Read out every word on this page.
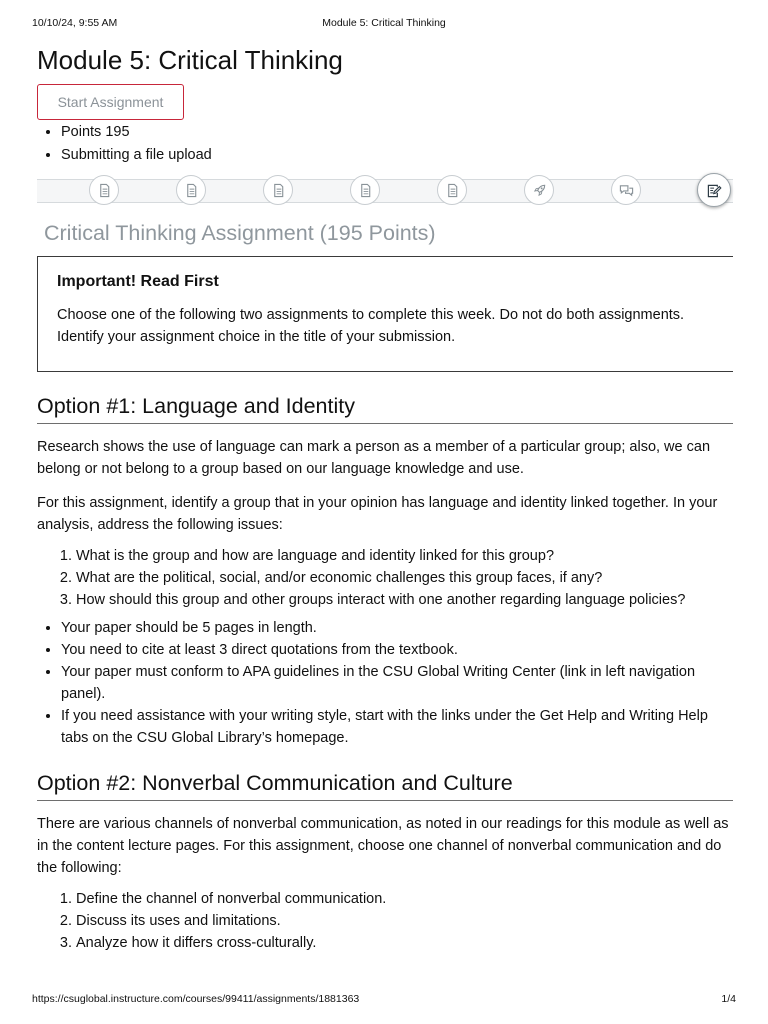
10/10/24, 9:55 AM	Module 5: Critical Thinking
Module 5: Critical Thinking
Start Assignment
• Points 195
• Submitting a file upload
Critical Thinking Assignment (195 Points)
Important! Read First

Choose one of the following two assignments to complete this week. Do not do both assignments. Identify your assignment choice in the title of your submission.

Option #1: Language and Identity

Research shows the use of language can mark a person as a member of a particular group; also, we can belong or not belong to a group based on our language knowledge and use.

For this assignment, identify a group that in your opinion has language and identity linked together. In your analysis, address the following issues:

1. What is the group and how are language and identity linked for this group?
2. What are the political, social, and/or economic challenges this group faces, if any?
3. How should this group and other groups interact with one another regarding language policies?
• Your paper should be 5 pages in length.
• You need to cite at least 3 direct quotations from the textbook.
• Your paper must conform to APA guidelines in the CSU Global Writing Center (link in left navigation panel).
• If you need assistance with your writing style, start with the links under the Get Help and Writing Help tabs on the CSU Global Library’s homepage.
Option #2: Nonverbal Communication and Culture

There are various channels of nonverbal communication, as noted in our readings for this module as well as in the content lecture pages. For this assignment, choose one channel of nonverbal communication and do the following:

1. Define the channel of nonverbal communication.
2. Discuss its uses and limitations.
3. Analyze how it differs cross-culturally.
https://csuglobal.instructure.com/courses/99411/assignments/1881363	1/4
